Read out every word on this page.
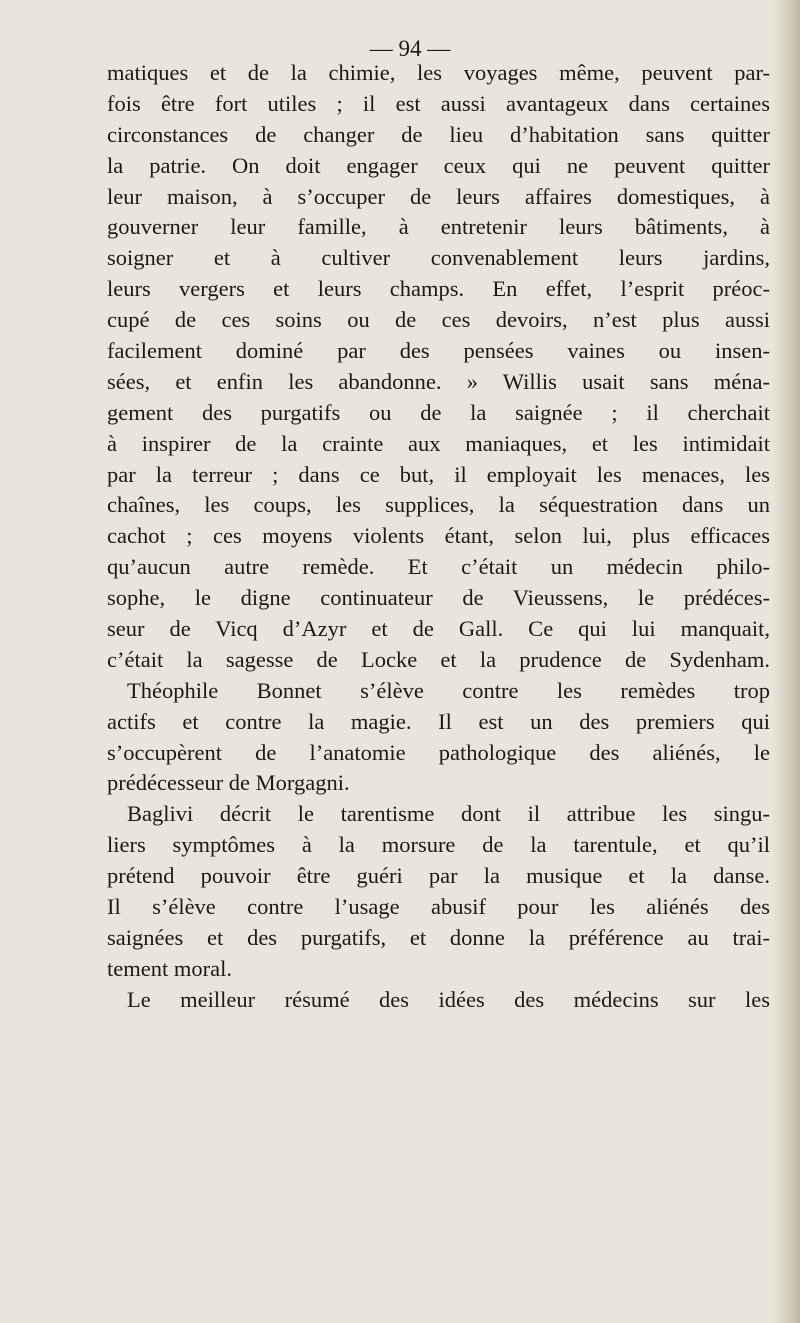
— 94 —
matiques et de la chimie, les voyages même, peuvent par-
fois être fort utiles ; il est aussi avantageux dans certaines
circonstances de changer de lieu d’habitation sans quitter
la patrie. On doit engager ceux qui ne peuvent quitter
leur maison, à s’occuper de leurs affaires domestiques, à
gouverner leur famille, à entretenir leurs bâtiments, à
soigner et à cultiver convenablement leurs jardins,
leurs vergers et leurs champs. En effet, l’esprit préoc-
cupé de ces soins ou de ces devoirs, n’est plus aussi
facilement dominé par des pensées vaines ou insen-
sées, et enfin les abandonne. » Willis usait sans ména-
gement des purgatifs ou de la saignée ; il cherchait
à inspirer de la crainte aux maniaques, et les intimidait
par la terreur ; dans ce but, il employait les menaces, les
chaînes, les coups, les supplices, la séquestration dans un
cachot ; ces moyens violents étant, selon lui, plus efficaces
qu’aucun autre remède. Et c’était un médecin philo-
sophe, le digne continuateur de Vieussens, le prédéces-
seur de Vicq d’Azyr et de Gall. Ce qui lui manquait,
c’était la sagesse de Locke et la prudence de Sydenham.
Théophile Bonnet s’élève contre les remèdes trop
actifs et contre la magie. Il est un des premiers qui
s’occupèrent de l’anatomie pathologique des aliénés, le
prédécesseur de Morgagni.
Baglivi décrit le tarentisme dont il attribue les singu-
liers symptômes à la morsure de la tarentule, et qu’il
prétend pouvoir être guéri par la musique et la danse.
Il s’élève contre l’usage abusif pour les aliénés des
saignées et des purgatifs, et donne la préférence au trai-
tement moral.
Le meilleur résumé des idées des médecins sur les
